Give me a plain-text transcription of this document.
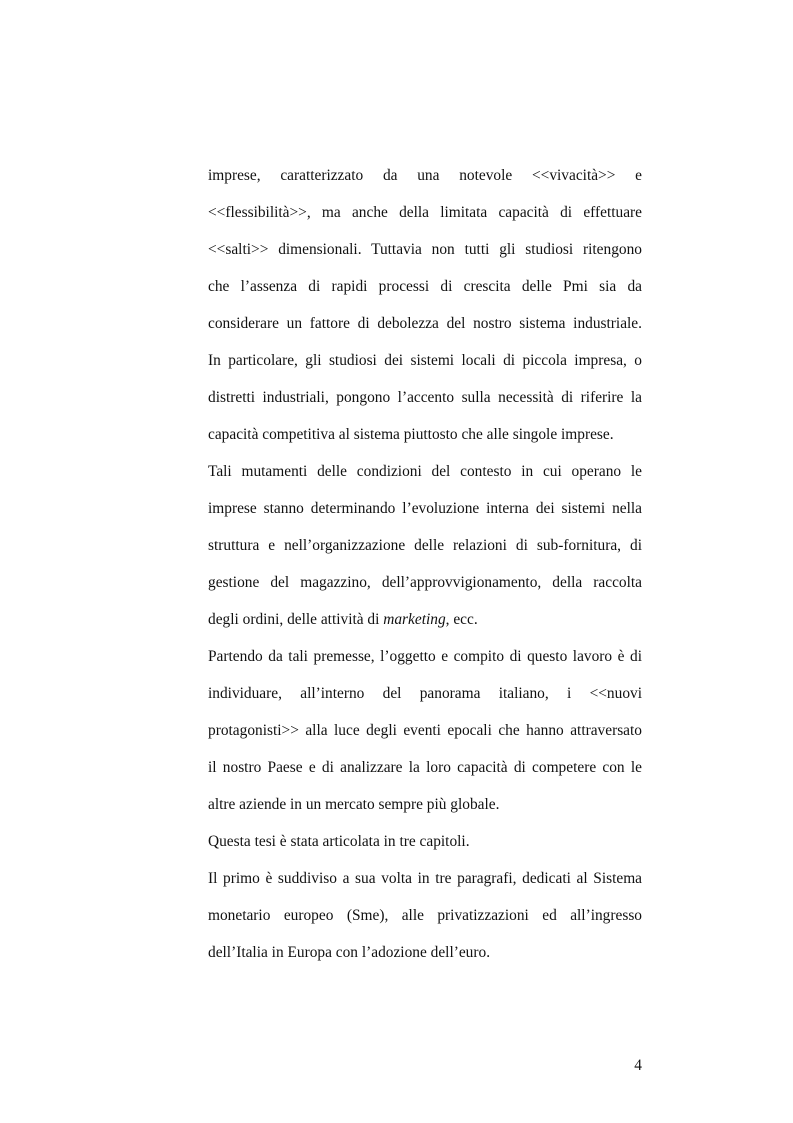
imprese, caratterizzato da una notevole <<vivacità>> e
<<flessibilità>>, ma anche della limitata capacità di effettuare
<<salti>> dimensionali. Tuttavia non tutti gli studiosi ritengono
che l’assenza di rapidi processi di crescita delle Pmi sia da
considerare un fattore di debolezza del nostro sistema industriale.
In particolare, gli studiosi dei sistemi locali di piccola impresa, o
distretti industriali, pongono l’accento sulla necessità di riferire la
capacità competitiva al sistema piuttosto che alle singole imprese.
Tali mutamenti delle condizioni del contesto in cui operano le
imprese stanno determinando l’evoluzione interna dei sistemi nella
struttura e nell’organizzazione delle relazioni di sub-fornitura, di
gestione del magazzino, dell’approvvigionamento, della raccolta
degli ordini, delle attività di marketing, ecc.
Partendo da tali premesse, l’oggetto e compito di questo lavoro è di
individuare, all’interno del panorama italiano, i <<nuovi
protagonisti>> alla luce degli eventi epocali che hanno attraversato
il nostro Paese e di analizzare la loro capacità di competere con le
altre aziende in un mercato sempre più globale.
Questa tesi è stata articolata in tre capitoli.
Il primo è suddiviso a sua volta in tre paragrafi, dedicati al Sistema
monetario europeo (Sme), alle privatizzazioni ed all’ingresso
dell’Italia in Europa con l’adozione dell’euro.
4
